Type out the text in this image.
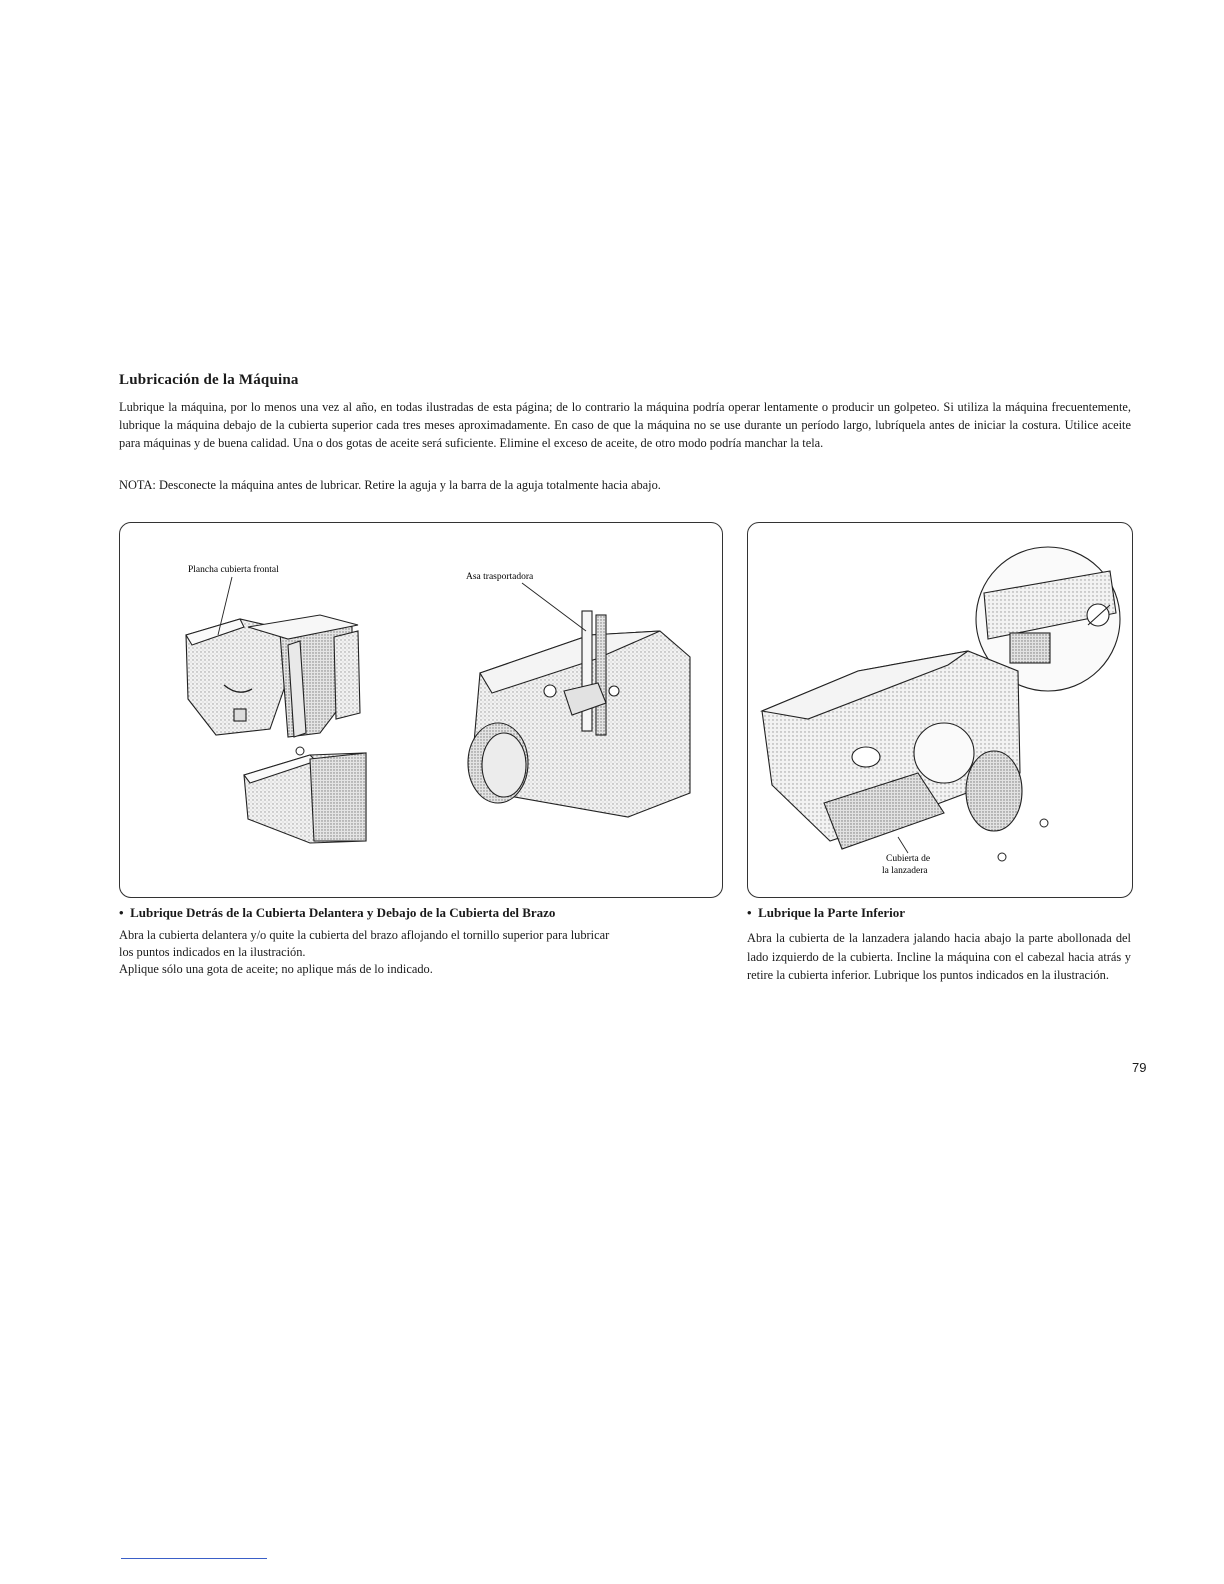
Lubricación de la Máquina

Lubrique la máquina, por lo menos una vez al año, en todas ilustradas de esta página; de lo contrario la máquina podría operar lentamente o producir un golpeteo. Si utiliza la máquina frecuentemente, lubrique la máquina debajo de la cubierta superior cada tres meses aproximadamente. En caso de que la máquina no se use durante un período largo, lubríquela antes de iniciar la costura. Utilice aceite para máquinas y de buena calidad. Una o dos gotas de aceite será suficiente. Elimine el exceso de aceite, de otro modo podría manchar la tela.

NOTA: Desconecte la máquina antes de lubricar. Retire la aguja y la barra de la aguja totalmente hacia abajo.
Plancha cubierta frontal
Asa trasportadora
Cubierta de
la lanzadera
• Lubrique Detrás de la Cubierta Delantera y Debajo de la Cubierta del Brazo
Abra la cubierta delantera y/o quite la cubierta del brazo aflojando el tornillo superior para lubricar
los puntos indicados en la ilustración.
Aplique sólo una gota de aceite; no aplique más de lo indicado.
• Lubrique la Parte Inferior

Abra la cubierta de la lanzadera jalando hacia abajo la parte abollonada del lado izquierdo de la cubierta. Incline la máquina con el cabezal hacia atrás y retire la cubierta inferior. Lubrique los puntos indicados en la ilustración.

79
